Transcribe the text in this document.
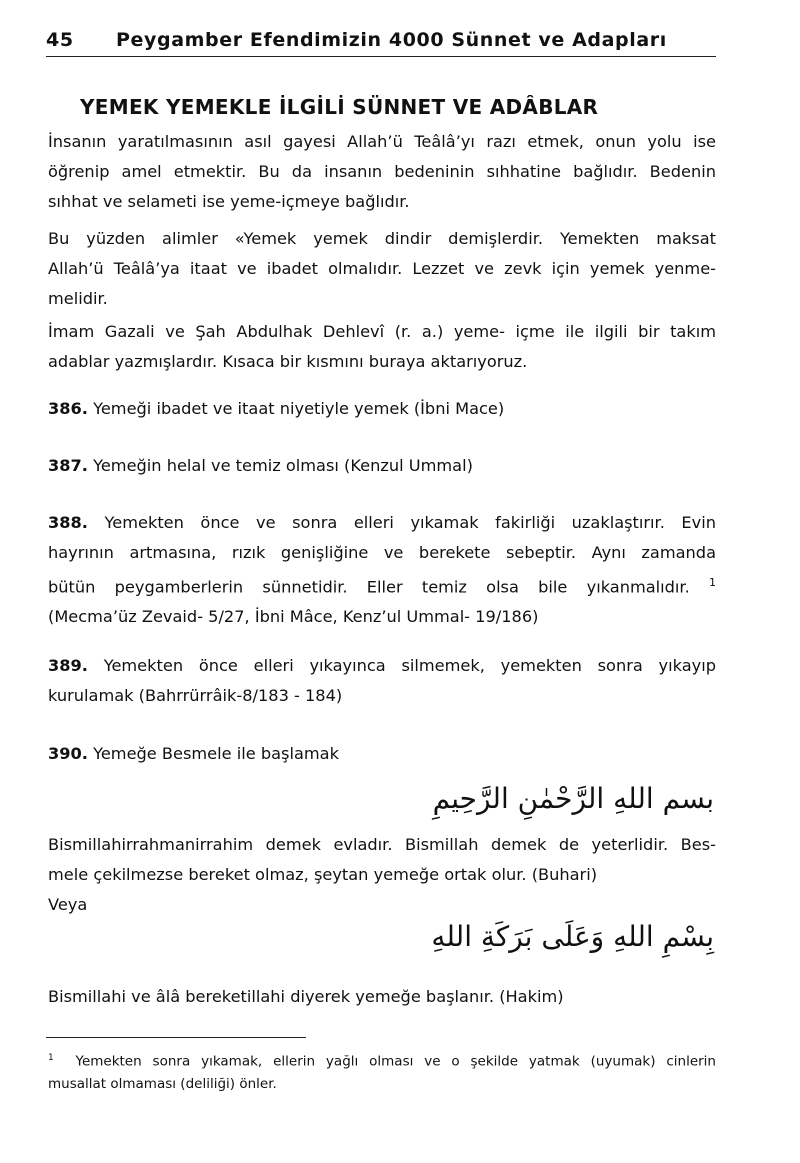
45 Peygamber Efendimizin 4000 Sünnet ve Adapları
YEMEK YEMEKLE İLGİLİ SÜNNET VE ADÂBLAR
İnsanın yaratılmasının asıl gayesi Allah’ü Teâlâ’yı razı etmek, onun yolu ise
öğrenip amel etmektir. Bu da insanın bedeninin sıhhatine bağlıdır. Bedenin
sıhhat ve selameti ise yeme-içmeye bağlıdır.
Bu yüzden alimler «Yemek yemek dindir demişlerdir. Yemekten maksat
Allah’ü Teâlâ’ya itaat ve ibadet olmalıdır. Lezzet ve zevk için yemek yenme-
melidir.
İmam Gazali ve Şah Abdulhak Dehlevî (r. a.) yeme- içme ile ilgili bir takım
adablar yazmışlardır. Kısaca bir kısmını buraya aktarıyoruz.
386. Yemeği ibadet ve itaat niyetiyle yemek (İbni Mace)
387. Yemeğin helal ve temiz olması (Kenzul Ummal)
388. Yemekten önce ve sonra elleri yıkamak fakirliği uzaklaştırır. Evin
hayrının artmasına, rızık genişliğine ve berekete sebeptir. Aynı zamanda
bütün peygamberlerin sünnetidir. Eller temiz olsa bile yıkanmalıdır. $^1$
(Mecma’üz Zevaid- 5/27, İbni Mâce, Kenz’ul Ummal- 19/186)
389. Yemekten önce elleri yıkayınca silmemek, yemekten sonra yıkayıp
kurulamak (Bahrrürrâik-8/183 - 184)
390. Yemeğe Besmele ile başlamak
بسم اللهِ الرَّحْمٰنِ الرَّحِيمِ
Bismillahirrahmanirrahim demek evladır. Bismillah demek de yeterlidir. Bes-
mele çekilmezse bereket olmaz, şeytan yemeğe ortak olur. (Buhari)
Veya
بِسْمِ اللهِ وَعَلَى بَرَكَةِ اللهِ
Bismillahi ve âlâ bereketillahi diyerek yemeğe başlanır. (Hakim)
$^1$ Yemekten sonra yıkamak, ellerin yağlı olması ve o şekilde yatmak (uyumak) cinlerin
musallat olmaması (deliliği) önler.
